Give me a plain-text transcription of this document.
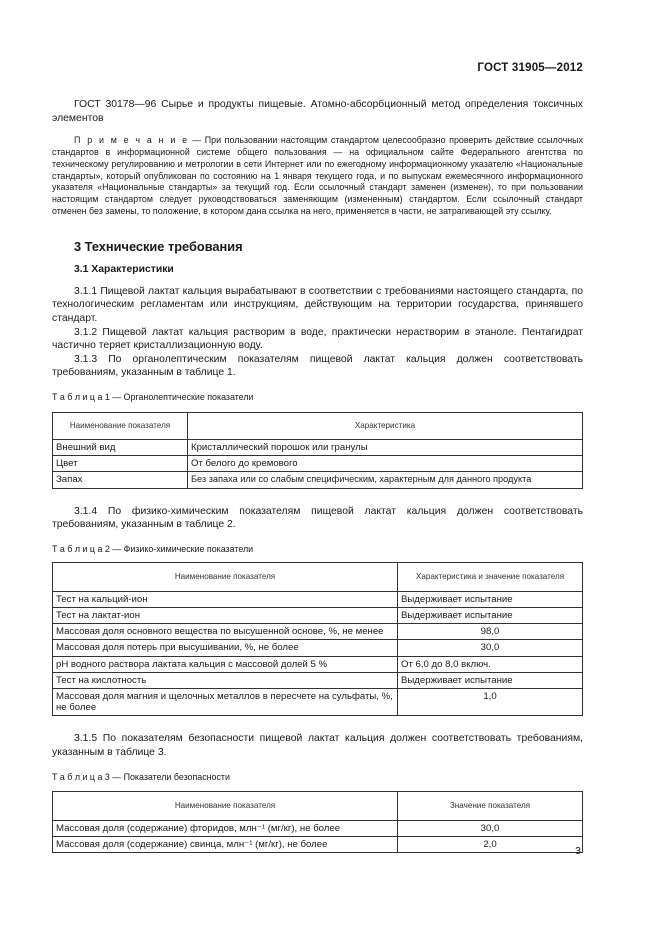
ГОСТ 31905—2012

ГОСТ 30178—96 Сырье и продукты пищевые. Атомно-абсорбционный метод определения токсичных элементов

П р и м е ч а н и е — При пользовании настоящим стандартом целесообразно проверить действие ссылочных стандартов в информационной системе общего пользования — на официальном сайте Федерального агентства по техническому регулированию и метрологии в сети Интернет или по ежегодному информационному указателю «Национальные стандарты», который опубликован по состоянию на 1 января текущего года, и по выпускам ежемесячного информационного указателя «Национальные стандарты» за текущий год. Если ссылочный стандарт заменен (изменен), то при пользовании настоящим стандартом следует руководствоваться заменяющим (измененным) стандартом. Если ссылочный стандарт отменен без замены, то положение, в котором дана ссылка на него, применяется в части, не затрагивающей эту ссылку.

3 Технические требования
3.1 Характеристики

3.1.1 Пищевой лактат кальция вырабатывают в соответствии с требованиями настоящего стандарта, по технологическим регламентам или инструкциям, действующим на территории государства, принявшего стандарт.

3.1.2 Пищевой лактат кальция растворим в воде, практически нерастворим в этаноле. Пентагидрат частично теряет кристаллизационную воду.

3.1.3 По органолептическим показателям пищевой лактат кальция должен соответствовать требованиям, указанным в таблице 1.

Т а б л и ц а 1 — Органолептические показатели

Наименование показателя	Характеристика
Внешний вид	Кристаллический порошок или гранулы
Цвет	От белого до кремового
Запах	Без запаха или со слабым специфическим, характерным для данного продукта

3.1.4 По физико-химическим показателям пищевой лактат кальция должен соответствовать требованиям, указанным в таблице 2.

Т а б л и ц а 2 — Физико-химические показатели

Наименование показателя	Характеристика и значение показателя
Тест на кальций-ион	Выдерживает испытание
Тест на лактат-ион	Выдерживает испытание
Массовая доля основного вещества по высушенной основе, %, не менее	98,0
Массовая доля потерь при высушивании, %, не более	30,0
pH водного раствора лактата кальция с массовой долей 5 %	От 6,0 до 8,0 включ.
Тест на кислотность	Выдерживает испытание
Массовая доля магния и щелочных металлов в пересчете на сульфаты, %, не более	1,0

3.1.5 По показателям безопасности пищевой лактат кальция должен соответствовать требованиям, указанным в таблице 3.

Т а б л и ц а 3 — Показатели безопасности

Наименование показателя	Значение показателя
Массовая доля (содержание) фторидов, млн⁻¹ (мг/кг), не более	30,0
Массовая доля (содержание) свинца, млн⁻¹ (мг/кг), не более	2,0
3
